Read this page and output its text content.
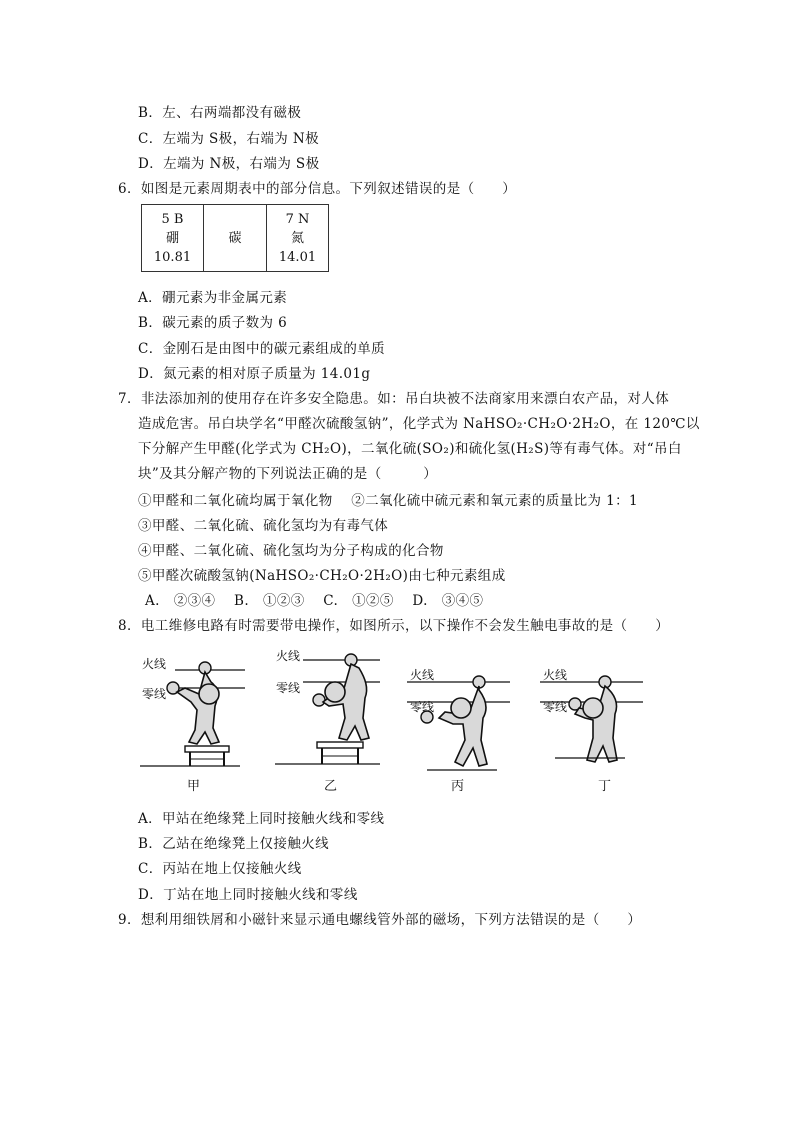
B．左、右两端都没有磁极
C．左端为 S极，右端为 N极
D．左端为 N极，右端为 S极
6．如图是元素周期表中的部分信息。下列叙述错误的是（　　）
5 B
硼
10.81

碳

7 N
氮
14.01
A．硼元素为非金属元素
B．碳元素的质子数为 6
C．金刚石是由图中的碳元素组成的单质
D．氮元素的相对原子质量为 14.01g
7．非法添加剂的使用存在许多安全隐患。如：吊白块被不法商家用来漂白农产品，对人体
造成危害。吊白块学名“甲醛次硫酸氢钠”，化学式为 NaHSO₂·CH₂O·2H₂O，在 120℃以
下分解产生甲醛(化学式为 CH₂O)，二氧化硫(SO₂)和硫化氢(H₂S)等有毒气体。对“吊白
块”及其分解产物的下列说法正确的是（　　　）
①甲醛和二氧化硫均属于氧化物　 ②二氧化硫中硫元素和氧元素的质量比为 1：1
③甲醛、二氧化硫、硫化氢均为有毒气体
④甲醛、二氧化硫、硫化氢均为分子构成的化合物
⑤甲醛次硫酸氢钠(NaHSO₂·CH₂O·2H₂O)由七种元素组成
A.　②③④　 B.　①②③　 C.　①②⑤　 D.　③④⑤
8．电工维修电路有时需要带电操作，如图所示，以下操作不会发生触电事故的是（　　）
火线
零线
火线
零线
火线
零线
火线
零线
甲	乙	丙	丁
A．甲站在绝缘凳上同时接触火线和零线
B．乙站在绝缘凳上仅接触火线
C．丙站在地上仅接触火线
D．丁站在地上同时接触火线和零线
9．想利用细铁屑和小磁针来显示通电螺线管外部的磁场，下列方法错误的是（　　）
